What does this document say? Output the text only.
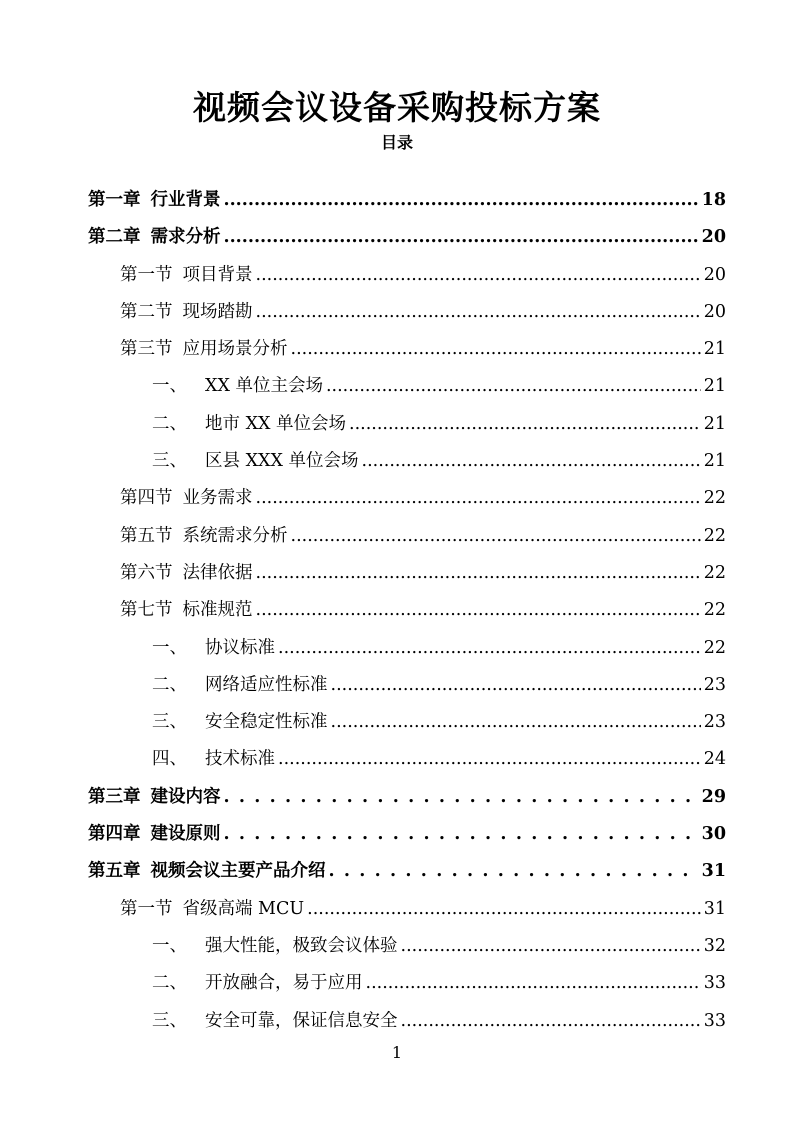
视频会议设备采购投标方案
目录
第一章 行业背景 .....	18
第二章 需求分析 .....	20
第一节 项目背景 .....	20
第二节 现场踏勘 .....	20
第三节 应用场景分析 .....	21
一、 XX 单位主会场 .....	21
二、 地市 XX 单位会场 .....	21
三、 区县 XXX 单位会场 .....	21
第四节 业务需求 .....	22
第五节 系统需求分析 .....	22
第六节 法律依据 .....	22
第七节 标准规范 .....	22
一、 协议标准 .....	22
二、 网络适应性标准 .....	23
三、 安全稳定性标准 .....	23
四、 技术标准 .....	24
第三章 建设内容 . . .	29
第四章 建设原则 . . .	30
第五章 视频会议主要产品介绍 . . .	31
第一节 省级高端 MCU .....	31
一、 强大性能，极致会议体验 .....	32
二、 开放融合，易于应用 .....	33
三、 安全可靠，保证信息安全 .....	33
1
